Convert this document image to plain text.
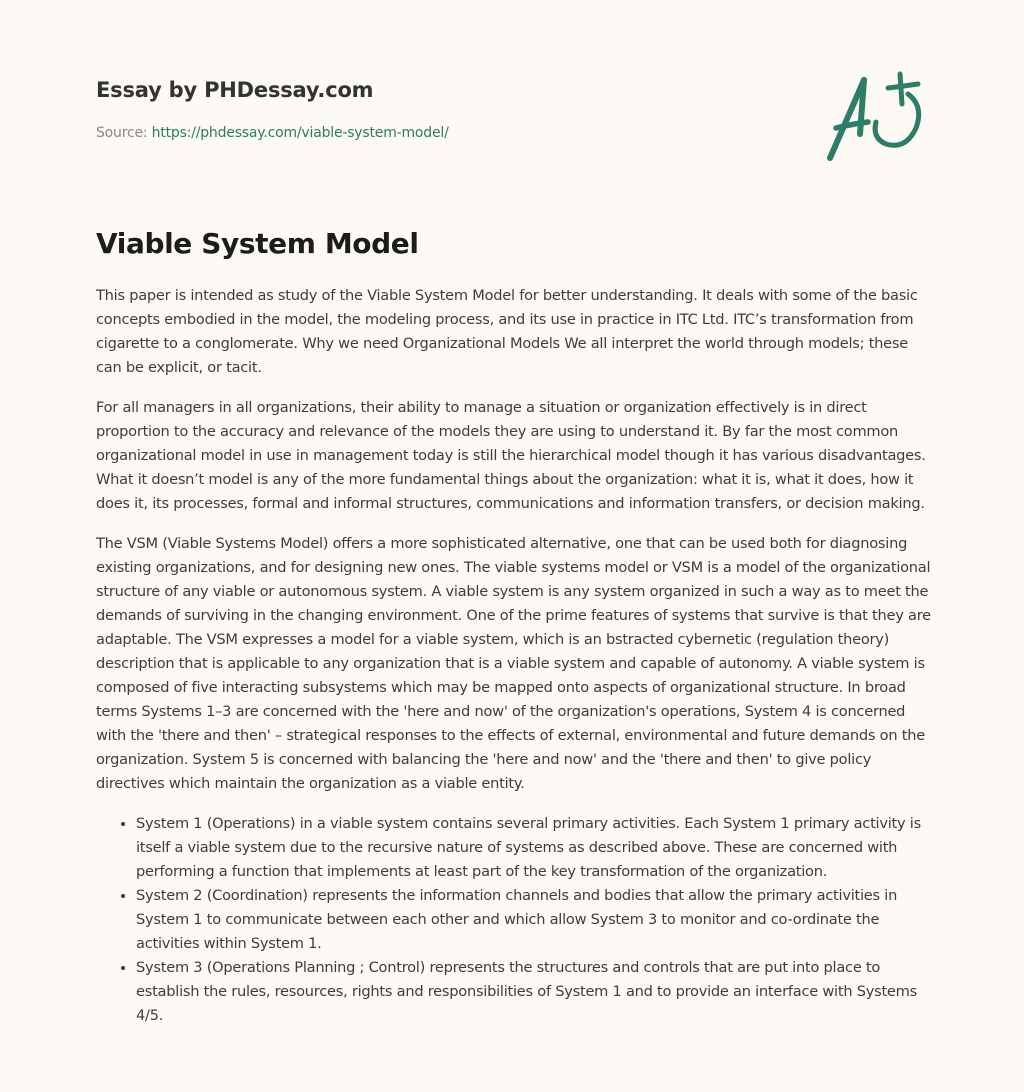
Essay by PHDessay.com
Source: https://phdessay.com/viable-system-model/
Viable System Model

This paper is intended as study of the Viable System Model for better understanding. It deals with some of the basic concepts embodied in the model, the modeling process, and its use in practice in ITC Ltd. ITC’s transformation from cigarette to a conglomerate. Why we need Organizational Models We all interpret the world through models; these can be explicit, or tacit.

For all managers in all organizations, their ability to manage a situation or organization effectively is in direct proportion to the accuracy and relevance of the models they are using to understand it. By far the most common organizational model in use in management today is still the hierarchical model though it has various disadvantages. What it doesn’t model is any of the more fundamental things about the organization: what it is, what it does, how it does it, its processes, formal and informal structures, communications and information transfers, or decision making.

The VSM (Viable Systems Model) offers a more sophisticated alternative, one that can be used both for diagnosing existing organizations, and for designing new ones. The viable systems model or VSM is a model of the organizational structure of any viable or autonomous system. A viable system is any system organized in such a way as to meet the demands of surviving in the changing environment. One of the prime features of systems that survive is that they are adaptable. The VSM expresses a model for a viable system, which is an bstracted cybernetic (regulation theory) description that is applicable to any organization that is a viable system and capable of autonomy. A viable system is composed of five interacting subsystems which may be mapped onto aspects of organizational structure. In broad terms Systems 1–3 are concerned with the 'here and now' of the organization's operations, System 4 is concerned with the 'there and then' – strategical responses to the effects of external, environmental and future demands on the organization. System 5 is concerned with balancing the 'here and now' and the 'there and then' to give policy directives which maintain the organization as a viable entity.

• System 1 (Operations) in a viable system contains several primary activities. Each System 1 primary activity is itself a viable system due to the recursive nature of systems as described above. These are concerned with performing a function that implements at least part of the key transformation of the organization.
• System 2 (Coordination) represents the information channels and bodies that allow the primary activities in System 1 to communicate between each other and which allow System 3 to monitor and co-ordinate the activities within System 1.
• System 3 (Operations Planning ; Control) represents the structures and controls that are put into place to establish the rules, resources, rights and responsibilities of System 1 and to provide an interface with Systems 4/5.
